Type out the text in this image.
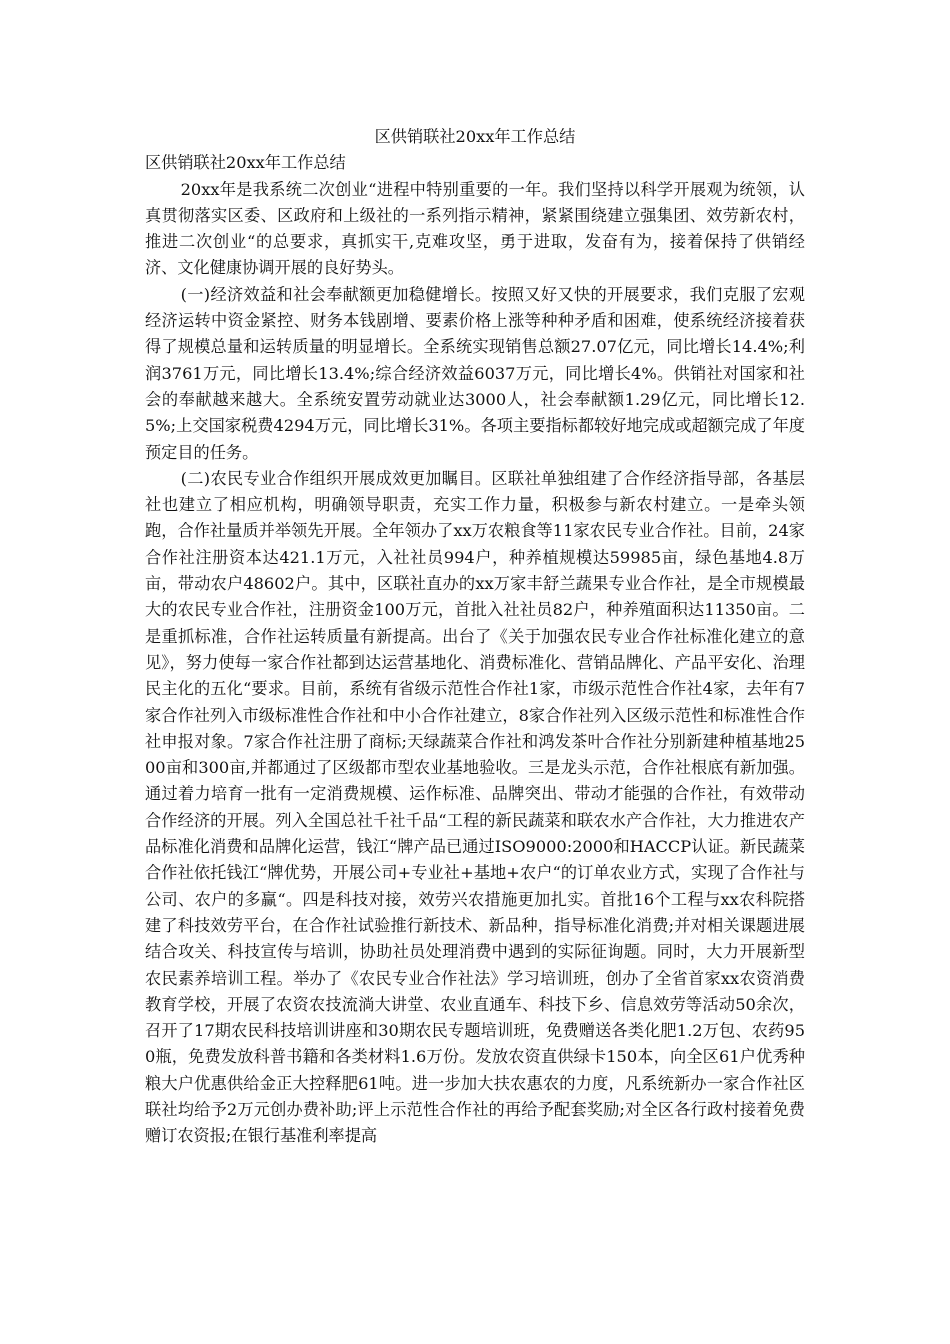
区供销联社20xx年工作总结

区供销联社20xx年工作总结

20xx年是我系统二次创业“进程中特别重要的一年。我们坚持以科学开展观为统领，认真贯彻落实区委、区政府和上级社的一系列指示精神，紧紧围绕建立强集团、效劳新农村，推进二次创业“的总要求，真抓实干,克难攻坚，勇于进取，发奋有为，接着保持了供销经济、文化健康协调开展的良好势头。

(一)经济效益和社会奉献额更加稳健增长。按照又好又快的开展要求，我们克服了宏观经济运转中资金紧控、财务本钱剧增、要素价格上涨等种种矛盾和困难，使系统经济接着获得了规模总量和运转质量的明显增长。全系统实现销售总额27.07亿元，同比增长14.4%;利润3761万元，同比增长13.4%;综合经济效益6037万元，同比增长4%。供销社对国家和社会的奉献越来越大。全系统安置劳动就业达3000人，社会奉献额1.29亿元，同比增长12.5%;上交国家税费4294万元，同比增长31%。各项主要指标都较好地完成或超额完成了年度预定目的任务。

(二)农民专业合作组织开展成效更加瞩目。区联社单独组建了合作经济指导部，各基层社也建立了相应机构，明确领导职责，充实工作力量，积极参与新农村建立。一是牵头领跑，合作社量质并举领先开展。全年领办了xx万农粮食等11家农民专业合作社。目前，24家合作社注册资本达421.1万元，入社社员994户，种养植规模达59985亩，绿色基地4.8万亩，带动农户48602户。其中，区联社直办的xx万家丰舒兰蔬果专业合作社，是全市规模最大的农民专业合作社，注册资金100万元，首批入社社员82户，种养殖面积达11350亩。二是重抓标准，合作社运转质量有新提高。出台了《关于加强农民专业合作社标准化建立的意见》，努力使每一家合作社都到达运营基地化、消费标准化、营销品牌化、产品平安化、治理民主化的五化“要求。目前，系统有省级示范性合作社1家，市级示范性合作社4家，去年有7家合作社列入市级标准性合作社和中小合作社建立，8家合作社列入区级示范性和标准性合作社申报对象。7家合作社注册了商标;天绿蔬菜合作社和鸿发茶叶合作社分别新建种植基地2500亩和300亩,并都通过了区级都市型农业基地验收。三是龙头示范，合作社根底有新加强。通过着力培育一批有一定消费规模、运作标准、品牌突出、带动才能强的合作社，有效带动合作经济的开展。列入全国总社千社千品“工程的新民蔬菜和联农水产合作社，大力推进农产品标准化消费和品牌化运营，钱江“牌产品已通过ISO9000:2000和HACCP认证。新民蔬菜合作社依托钱江“牌优势，开展公司+专业社+基地+农户“的订单农业方式，实现了合作社与公司、农户的多赢“。四是科技对接，效劳兴农措施更加扎实。首批16个工程与xx农科院搭建了科技效劳平台，在合作社试验推行新技术、新品种，指导标准化消费;并对相关课题进展结合攻关、科技宣传与培训，协助社员处理消费中遇到的实际征询题。同时，大力开展新型农民素养培训工程。举办了《农民专业合作社法》学习培训班，创办了全省首家xx农资消费教育学校，开展了农资农技流淌大讲堂、农业直通车、科技下乡、信息效劳等活动50余次，召开了17期农民科技培训讲座和30期农民专题培训班，免费赠送各类化肥1.2万包、农药950瓶，免费发放科普书籍和各类材料1.6万份。发放农资直供绿卡150本，向全区61户优秀种粮大户优惠供给金正大控释肥61吨。进一步加大扶农惠农的力度，凡系统新办一家合作社区联社均给予2万元创办费补助;评上示范性合作社的再给予配套奖励;对全区各行政村接着免费赠订农资报;在银行基准利率提高
